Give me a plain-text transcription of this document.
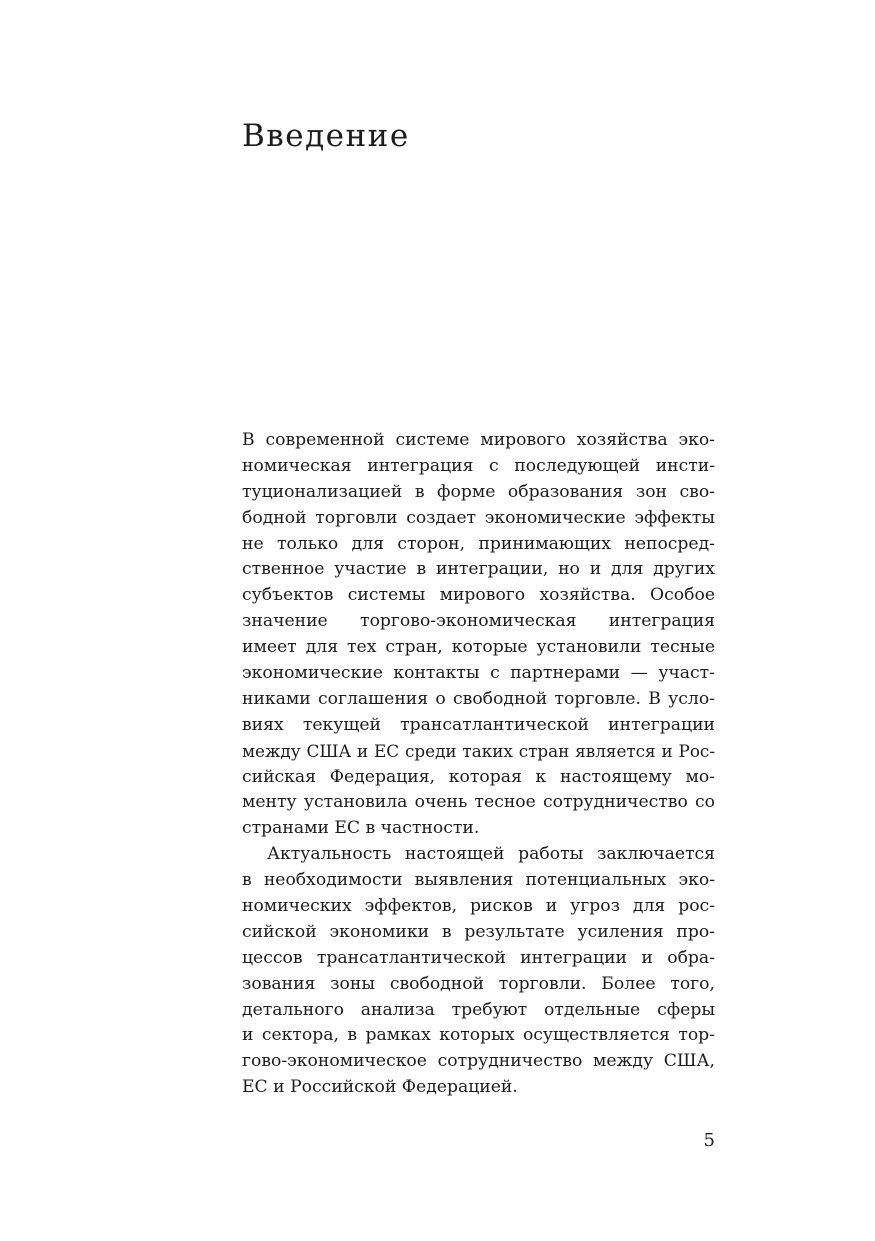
Введение

В современной системе мирового хозяйства эко-
номическая интеграция с последующей инсти-
туционализацией в форме образования зон сво-
бодной торговли создает экономические эффекты
не только для сторон, принимающих непосред-
ственное участие в интеграции, но и для других
субъектов системы мирового хозяйства. Особое
значение торгово-экономическая интеграция
имеет для тех стран, которые установили тесные
экономические контакты с партнерами — участ-
никами соглашения о свободной торговле. В усло-
виях текущей трансатлантической интеграции
между США и ЕС среди таких стран является и Рос-
сийская Федерация, которая к настоящему мо-
менту установила очень тесное сотрудничество со
странами ЕС в частности.

Актуальность настоящей работы заключается
в необходимости выявления потенциальных эко-
номических эффектов, рисков и угроз для рос-
сийской экономики в результате усиления про-
цессов трансатлантической интеграции и обра-
зования зоны свободной торговли. Более того,
детального анализа требуют отдельные сферы
и сектора, в рамках которых осуществляется тор-
гово-экономическое сотрудничество между США,
ЕС и Российской Федерацией.

5
